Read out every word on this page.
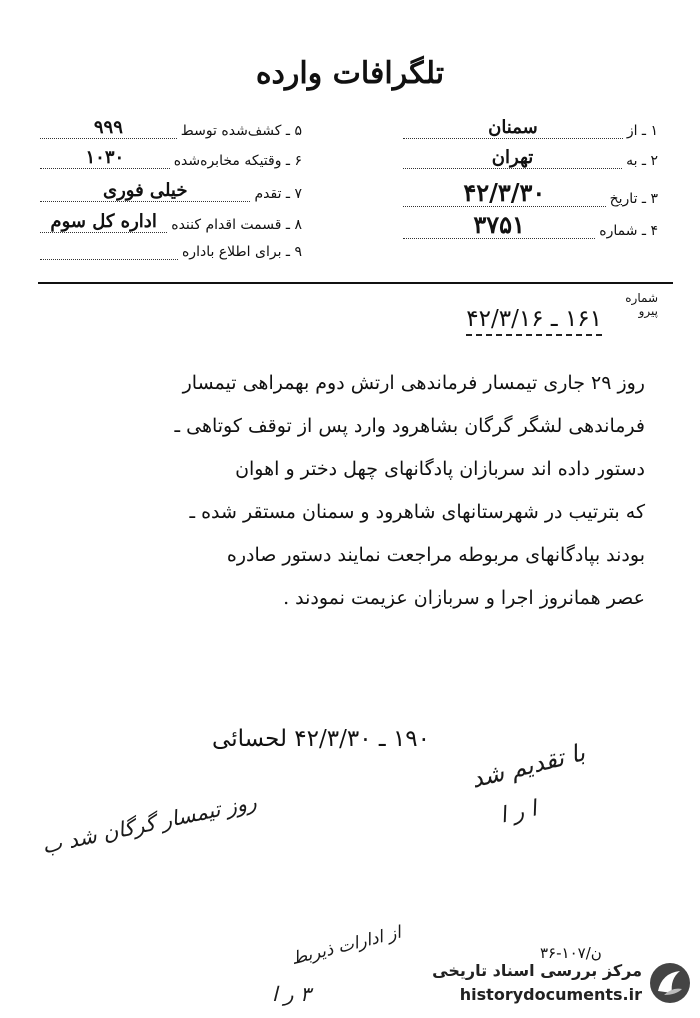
تلگرافات وارده
۱ ـ از
سمنان
۲ ـ به
تهران
۳ ـ تاریخ
۴۲/۳/۳۰
۴ ـ شماره
۳۷۵۱
۵ ـ کشف‌شده توسط
۹۹۹
۶ ـ وقتیکه مخابره‌شده
۱۰۳۰
۷ ـ تقدم
خیلی فوری
۸ ـ قسمت اقدام کننده
اداره کل سوم
۹ ـ برای اطلاع باداره
شماره
پیرو
۱۶۱ ـ ۴۲/۳/۱۶

روز ۲۹ جاری تیمسار فرماندهی ارتش دوم بهمراهی تیمسار

فرماندهی لشگر گرگان بشاهرود وارد پس از توقف کوتاهی ـ

دستور داده اند سربازان پادگانهای چهل دختر و اهوان

که بترتیب در شهرستانهای شاهرود و سمنان مستقر شده ـ

بودند بپادگانهای مربوطه مراجعت نمایند دستور صادره

عصر همانروز اجرا و سربازان عزیمت نمودند .

۱۹۰ ـ ۴۲/۳/۳۰ لحسائی با تقدیم شد
ا ر ا
روز تیمسار گرگان شد ب
از ادارات ذیربط
۳ ر ا
۳۶-۱۰۷/ن
مرکز بررسی اسناد تاریخی
historydocuments.ir
